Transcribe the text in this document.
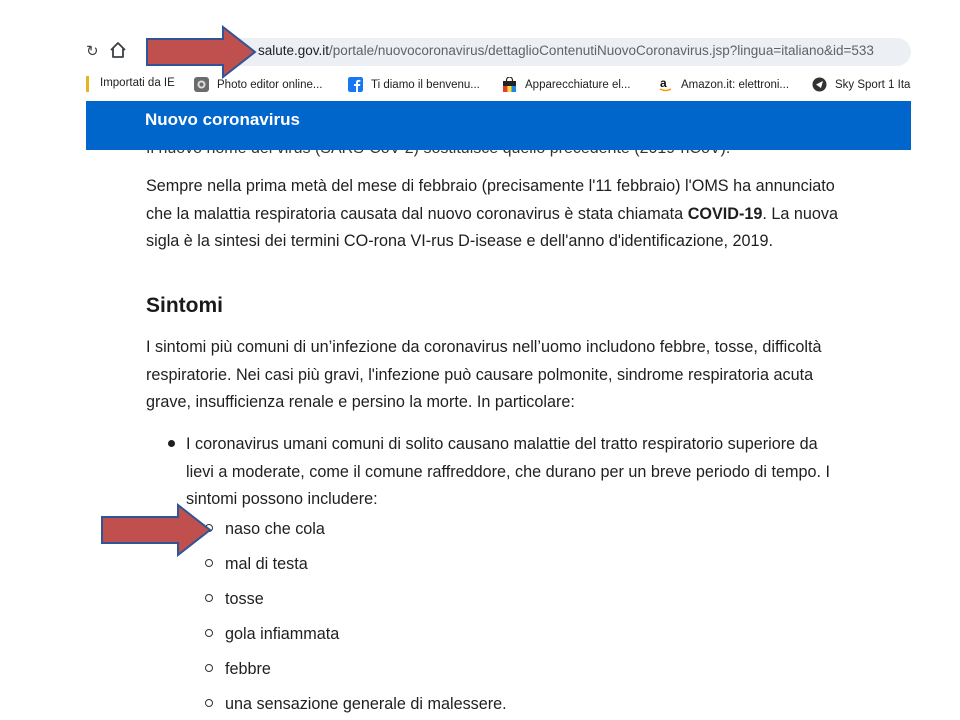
↻	salute.gov.it/portale/nuovocoronavirus/dettaglioContenutiNuovoCoronavirus.jsp?lingua=italiano&id=533
Importati da IE	Photo editor online...	Ti diamo il benvenu...	Apparecchiature el... a Amazon.it: elettroni...	Sky Sport 1 Ita
Nuovo coronavirus
Sempre nella prima metà del mese di febbraio (precisamente l'11 febbraio) l'OMS ha annunciato che la malattia respiratoria causata dal nuovo coronavirus è stata chiamata COVID-19. La nuova sigla è la sintesi dei termini CO-rona VI-rus D-isease e dell'anno d'identificazione, 2019.
Sintomi
I sintomi più comuni di un’infezione da coronavirus nell’uomo includono febbre, tosse, difficoltà respiratorie. Nei casi più gravi, l'infezione può causare polmonite, sindrome respiratoria acuta grave, insufficienza renale e persino la morte. In particolare:
I coronavirus umani comuni di solito causano malattie del tratto respiratorio superiore da lievi a moderate, come il comune raffreddore, che durano per un breve periodo di tempo. I sintomi possono includere:
naso che cola
mal di testa
tosse
gola infiammata
febbre
una sensazione generale di malessere.
